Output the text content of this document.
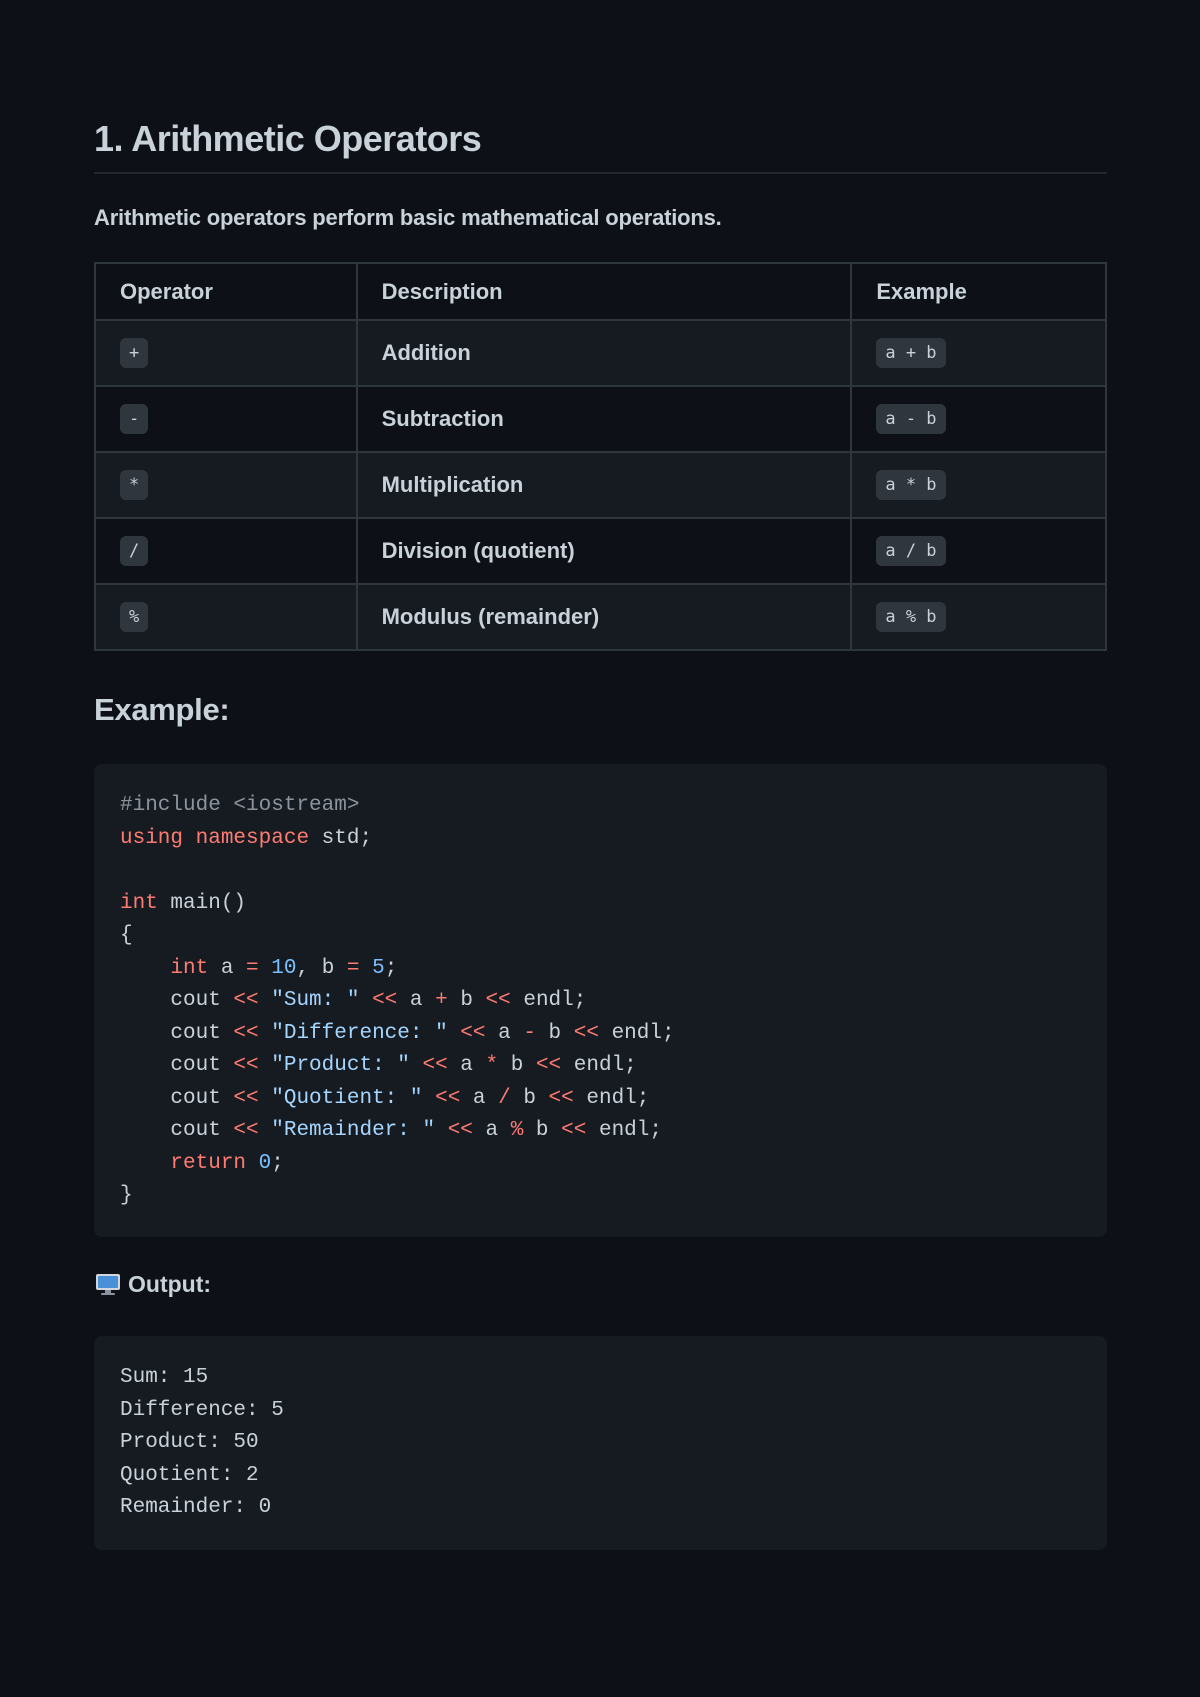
1. Arithmetic Operators

Arithmetic operators perform basic mathematical operations.

Operator	Description	Example
+	Addition	a + b
-	Subtraction	a - b
*	Multiplication	a * b
/	Division (quotient)	a / b
%	Modulus (remainder)	a % b
Example:
#include <iostream>
using namespace std;
int main()
{
int a = 10, b = 5;
cout << "Sum: " << a + b << endl;
cout << "Difference: " << a - b << endl;
cout << "Product: " << a * b << endl;
cout << "Quotient: " << a / b << endl;
cout << "Remainder: " << a % b << endl;
return 0;
}
Output:
Sum: 15
Difference: 5
Product: 50
Quotient: 2
Remainder: 0
